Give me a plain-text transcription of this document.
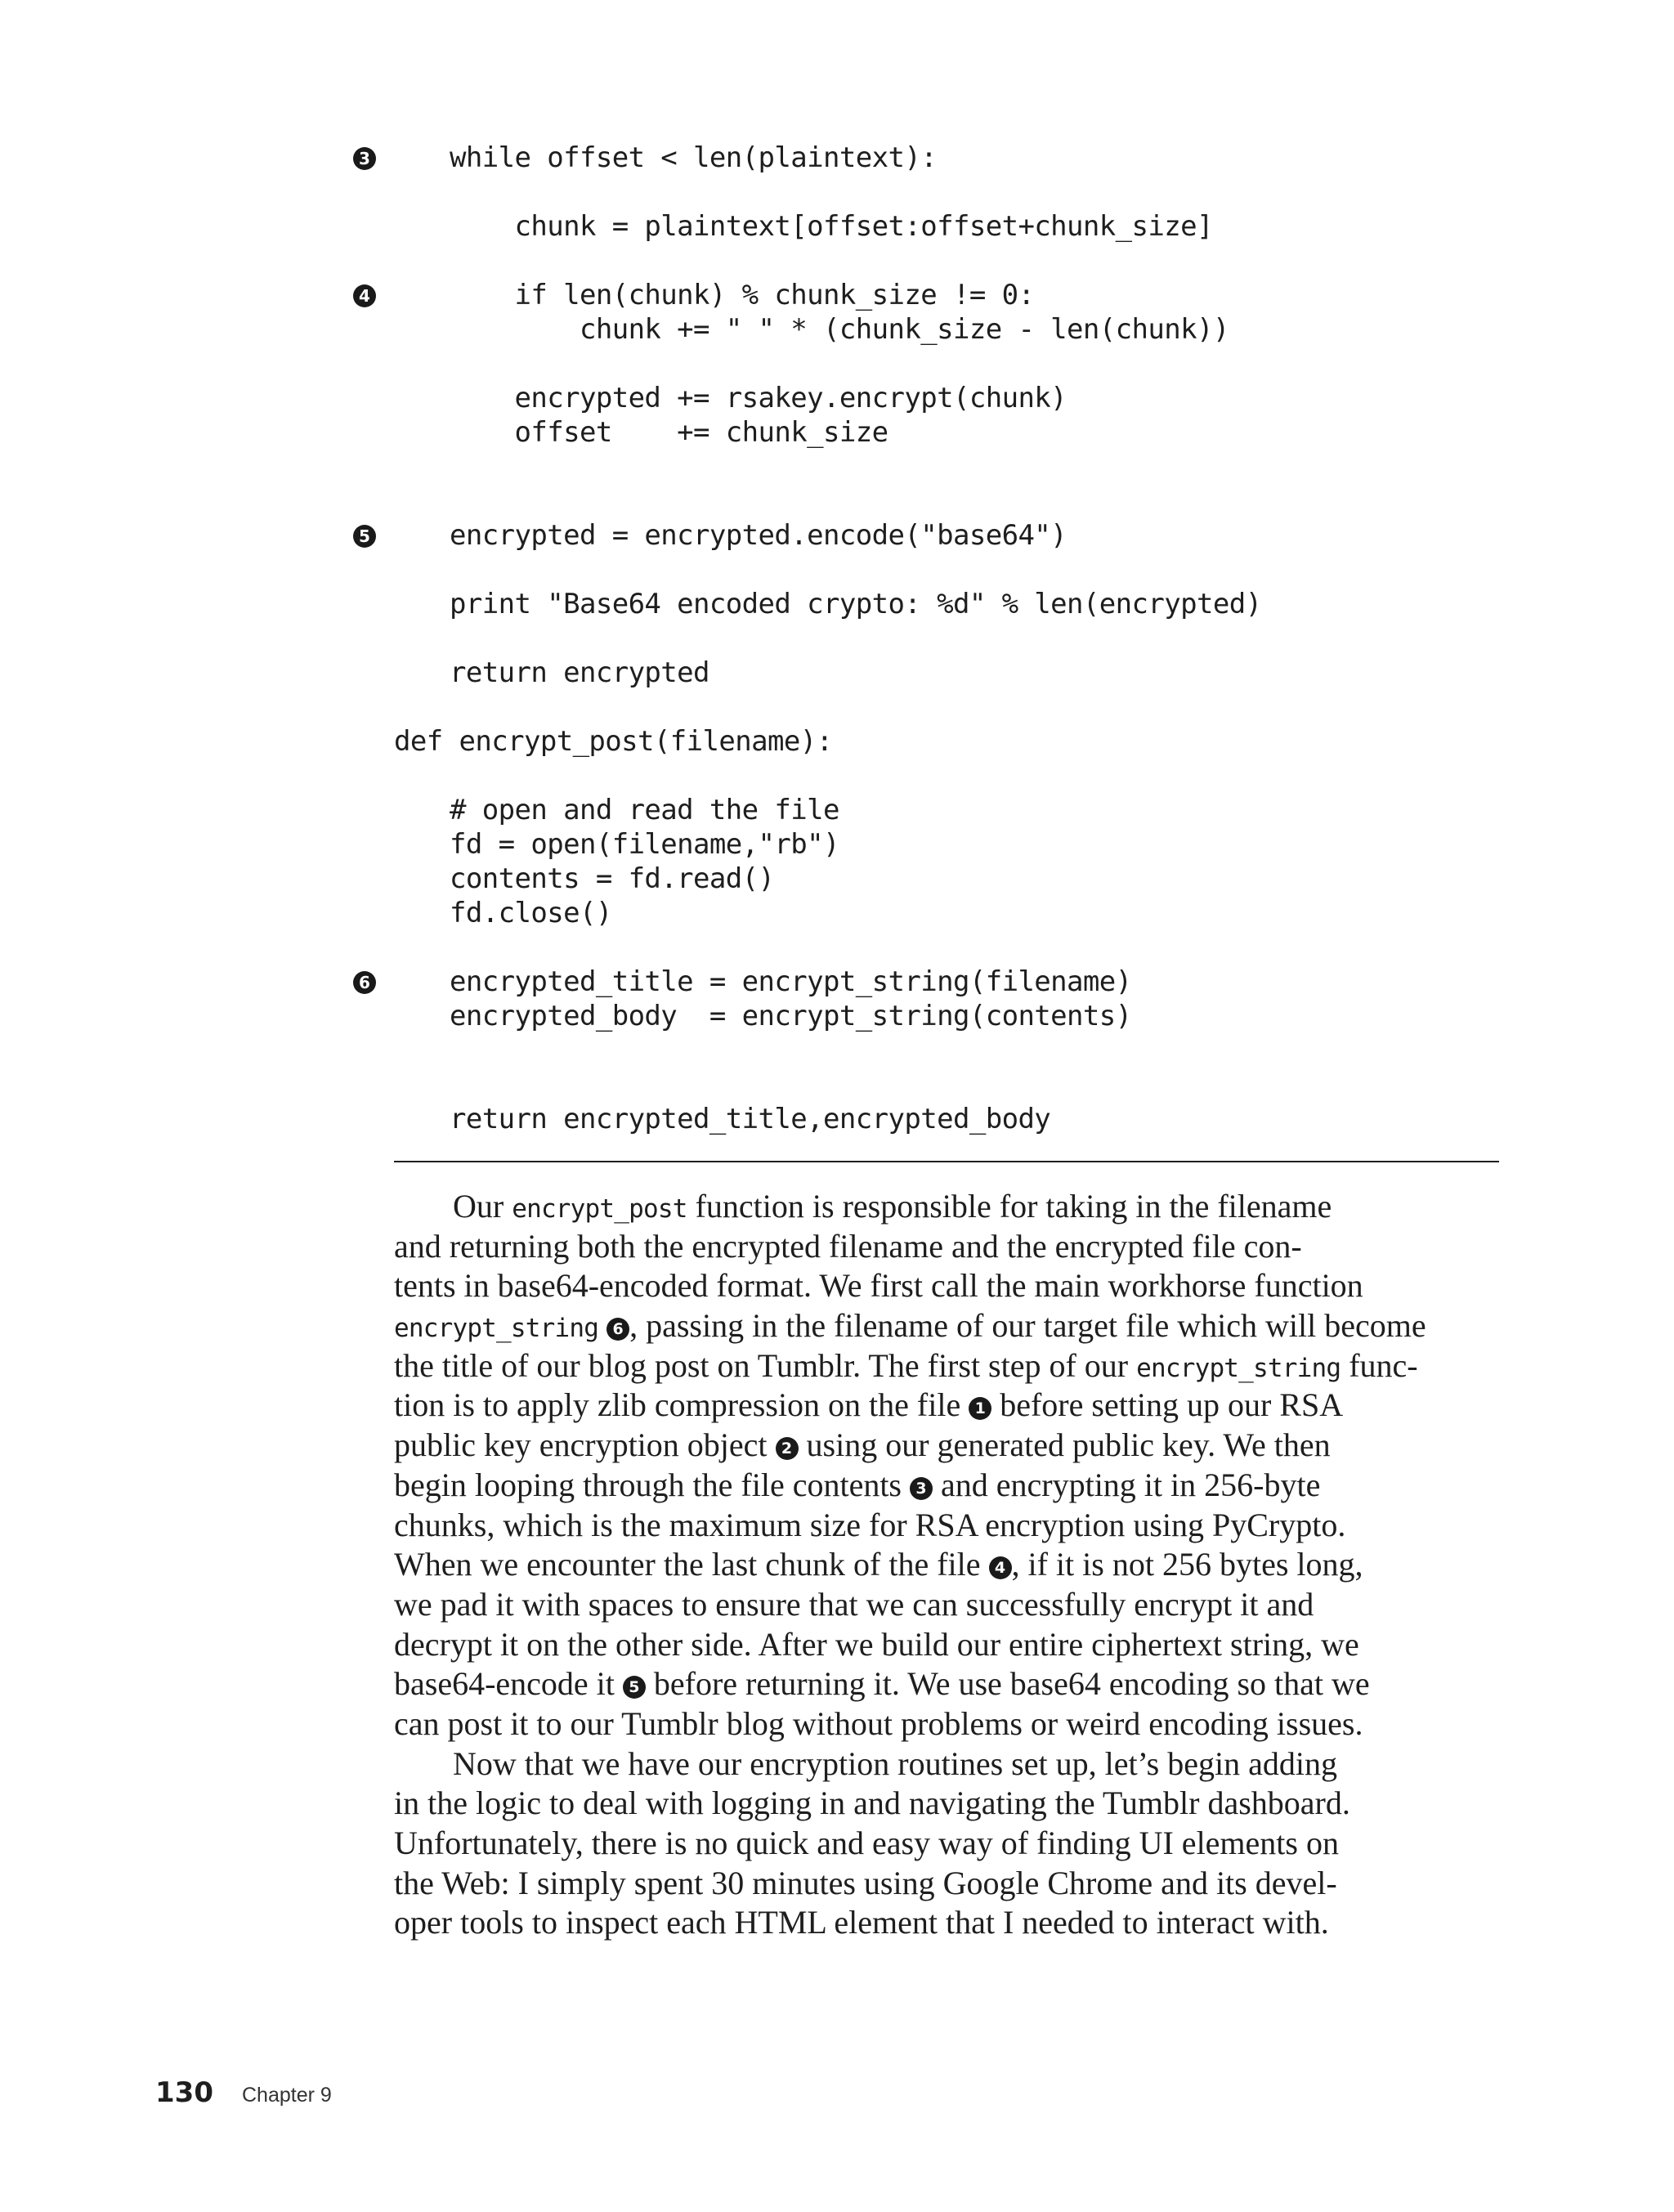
3	while offset < len(plaintext):
chunk = plaintext[offset:offset+chunk_size]
4	if len(chunk) % chunk_size != 0:
chunk += " " * (chunk_size - len(chunk))
encrypted += rsakey.encrypt(chunk)
offset    += chunk_size
5	encrypted = encrypted.encode("base64")
print "Base64 encoded crypto: %d" % len(encrypted)
return encrypted
def encrypt_post(filename):
# open and read the file
fd = open(filename,"rb")
contents = fd.read()
fd.close()
6	encrypted_title = encrypt_string(filename)
encrypted_body  = encrypt_string(contents)
return encrypted_title,encrypted_body
Our encrypt_post function is responsible for taking in the filename
and returning both the encrypted filename and the encrypted file con-
tents in base64-encoded format. We first call the main workhorse function
encrypt_string 6 , passing in the filename of our target file which will become
the title of our blog post on Tumblr. The first step of our encrypt_string func-
tion is to apply zlib compression on the file 1 before setting up our RSA
public key encryption object 2 using our generated public key. We then
begin looping through the file contents 3 and encrypting it in 256-byte
chunks, which is the maximum size for RSA encryption using PyCrypto.
When we encounter the last chunk of the file 4 , if it is not 256 bytes long,
we pad it with spaces to ensure that we can successfully encrypt it and
decrypt it on the other side. After we build our entire ciphertext string, we
base64-encode it 5 before returning it. We use base64 encoding so that we
can post it to our Tumblr blog without problems or weird encoding issues.
Now that we have our encryption routines set up, let’s begin adding
in the logic to deal with logging in and navigating the Tumblr dashboard.
Unfortunately, there is no quick and easy way of finding UI elements on
the Web: I simply spent 30 minutes using Google Chrome and its devel-
oper tools to inspect each HTML element that I needed to interact with.
130 Chapter 9
